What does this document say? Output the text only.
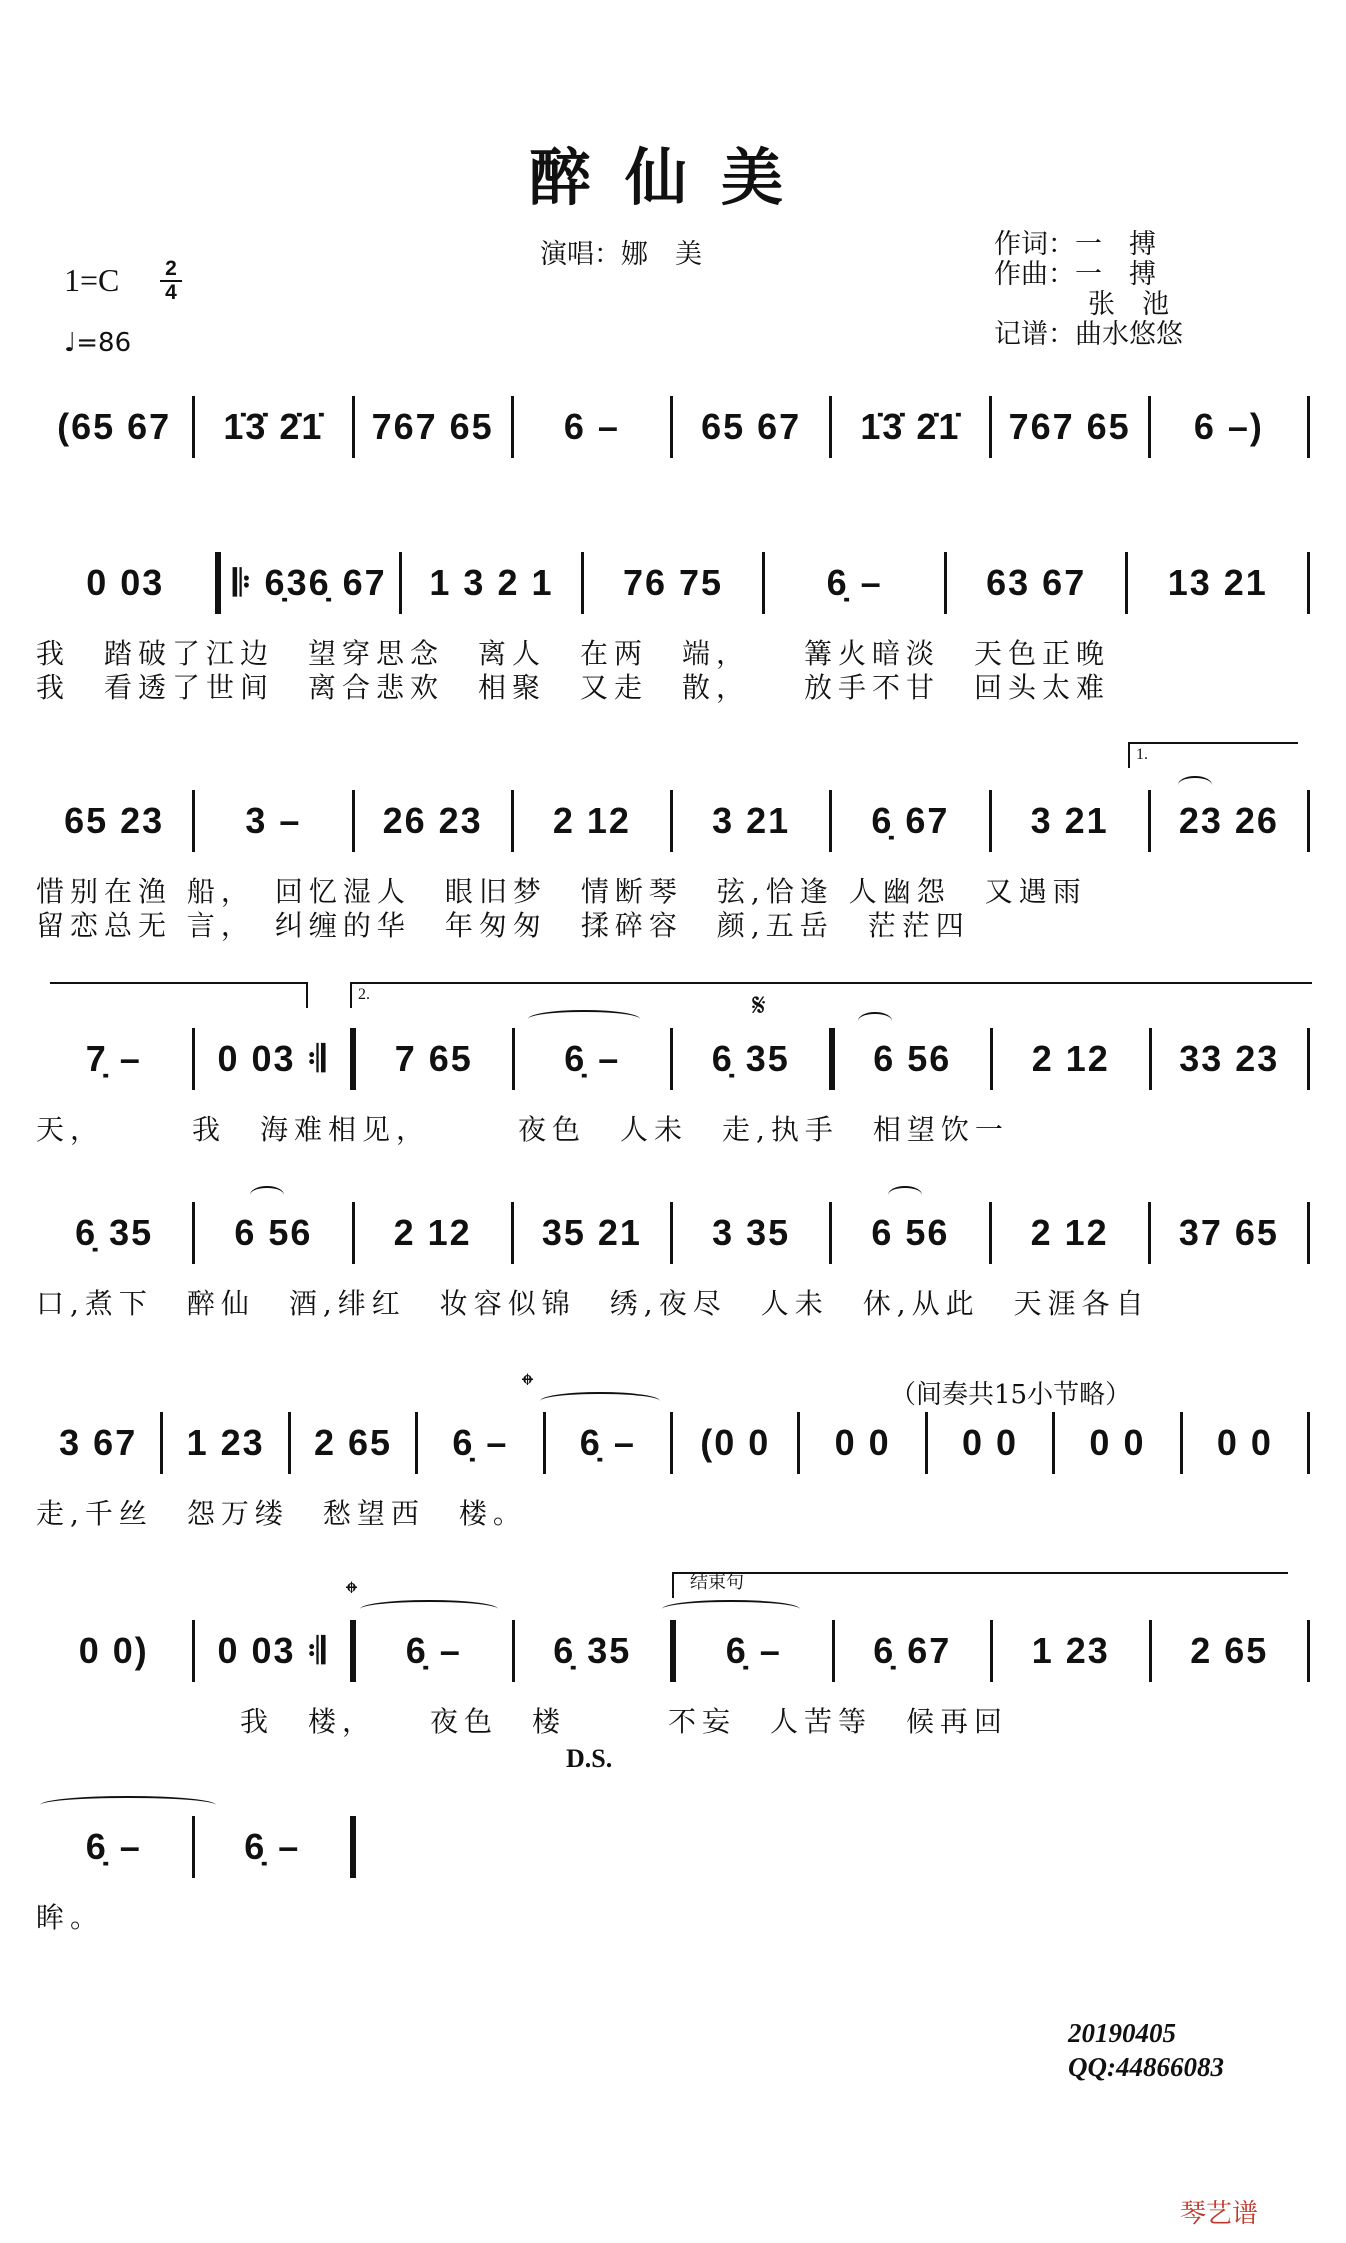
醉仙美
演唱：娜　美	作词：一　搏
作曲：一　搏
张　池
记谱：曲水悠悠
$1=C \frac{2}{4}$
♩=86
(65 67	1̇3̇ 2̇1̇	767 65	6 –	65 67	1̇3̇ 2̇1̇	767 65	6 –)
0 03	𝄆 6̣36̣ 67	1 3 2 1	76 75	6̣ –	63 67	13 21
我　踏破了江边　望穿思念　离人　在两　端，　　篝火暗淡　天色正晚
我　看透了世间　离合悲欢　相聚　又走　散，　　放手不甘　回头太难
1.
65 23	3 –	26 23	2 12	3 21	6̣ 67	3 21	23 26
惜别在渔 船，　回忆湿人　眼旧梦　情断琴　弦,恰逢 人幽怨　又遇雨
留恋总无 言，　纠缠的华　年匆匆　揉碎容　颜,五岳　茫茫四
2.	𝄋
7̣ –	0 03 𝄇	7 65	6̣ –	6̣ 35	6 56	2 12	33 23
天，　　　我　海难相见，　　　夜色　人未　走,执手　相望饮一
6̣ 35	6 56	2 12	35 21	3 35	6 56	2 12	37 65
口,煮下　醉仙　酒,绯红　妆容似锦　绣,夜尽　人未　休,从此　天涯各自
𝄌	（间奏共15小节略）
3 67	1 23	2 65	6̣ –	6̣ –	(0 0	0 0	0 0	0 0	0 0
走,千丝　怨万缕　愁望西　楼。
𝄌	结束句
0 0)	0 03 𝄇	6̣ –	6̣ 35	6̣ –	6̣ 67	1 23	2 65
　　　　　　我　楼，　　夜色　楼　　　不妄　人苦等　候再回
D.S.
6̣ –	6̣ –
眸。
20190405
QQ:44866083
琴艺谱
